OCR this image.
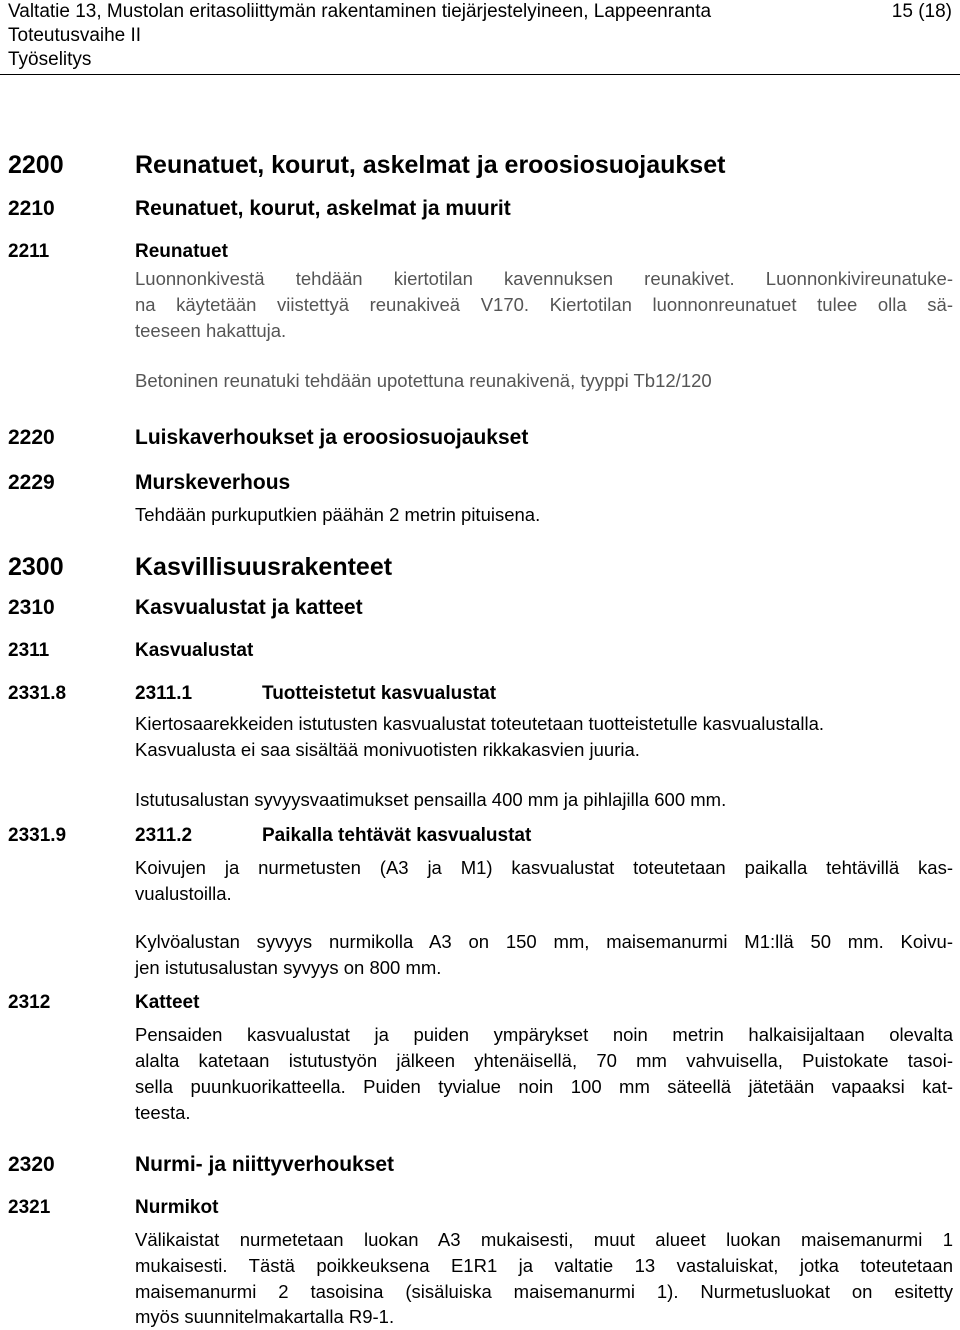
Valtatie 13, Mustolan eritasoliittymän rakentaminen tiejärjestelyineen, Lappeenranta
Toteutusvaihe II
Työselitys
15 (18)
2200	Reunatuet, kourut, askelmat ja eroosiosuojaukset
2210	Reunatuet, kourut, askelmat ja muurit
2211	Reunatuet
Luonnonkivestä tehdään kiertotilan kavennuksen reunakivet. Luonnonkivireunatuke-
na käytetään viistettyä reunakiveä V170. Kiertotilan luonnonreunatuet tulee olla sä-
teeseen hakattuja.
Betoninen reunatuki tehdään upotettuna reunakivenä, tyyppi Tb12/120
2220	Luiskaverhoukset ja eroosiosuojaukset
2229	Murskeverhous
Tehdään purkuputkien päähän 2 metrin pituisena.
2300	Kasvillisuusrakenteet
2310	Kasvualustat ja katteet
2311	Kasvualustat
2331.8	2311.1	Tuotteistetut kasvualustat
Kiertosaarekkeiden istutusten kasvualustat toteutetaan tuotteistetulle kasvualustalla.
Kasvualusta ei saa sisältää monivuotisten rikkakasvien juuria.
Istutusalustan syvyysvaatimukset pensailla 400 mm ja pihlajilla 600 mm.
2331.9	2311.2	Paikalla tehtävät kasvualustat
Koivujen ja nurmetusten (A3 ja M1) kasvualustat toteutetaan paikalla tehtävillä kas-
vualustoilla.
Kylvöalustan syvyys nurmikolla A3 on 150 mm, maisemanurmi M1:llä 50 mm. Koivu-
jen istutusalustan syvyys on 800 mm.
2312	Katteet
Pensaiden kasvualustat ja puiden ympärykset noin metrin halkaisijaltaan olevalta
alalta katetaan istutustyön jälkeen yhtenäisellä, 70 mm vahvuisella, Puistokate tasoi-
sella puunkuorikatteella. Puiden tyvialue noin 100 mm säteellä jätetään vapaaksi kat-
teesta.
2320	Nurmi- ja niittyverhoukset
2321	Nurmikot
Välikaistat nurmetetaan luokan A3 mukaisesti, muut alueet luokan maisemanurmi 1
mukaisesti. Tästä poikkeuksena E1R1 ja valtatie 13 vastaluiskat, jotka toteutetaan
maisemanurmi 2 tasoisina (sisäluiska maisemanurmi 1). Nurmetusluokat on esitetty
myös suunnitelmakartalla R9-1.
